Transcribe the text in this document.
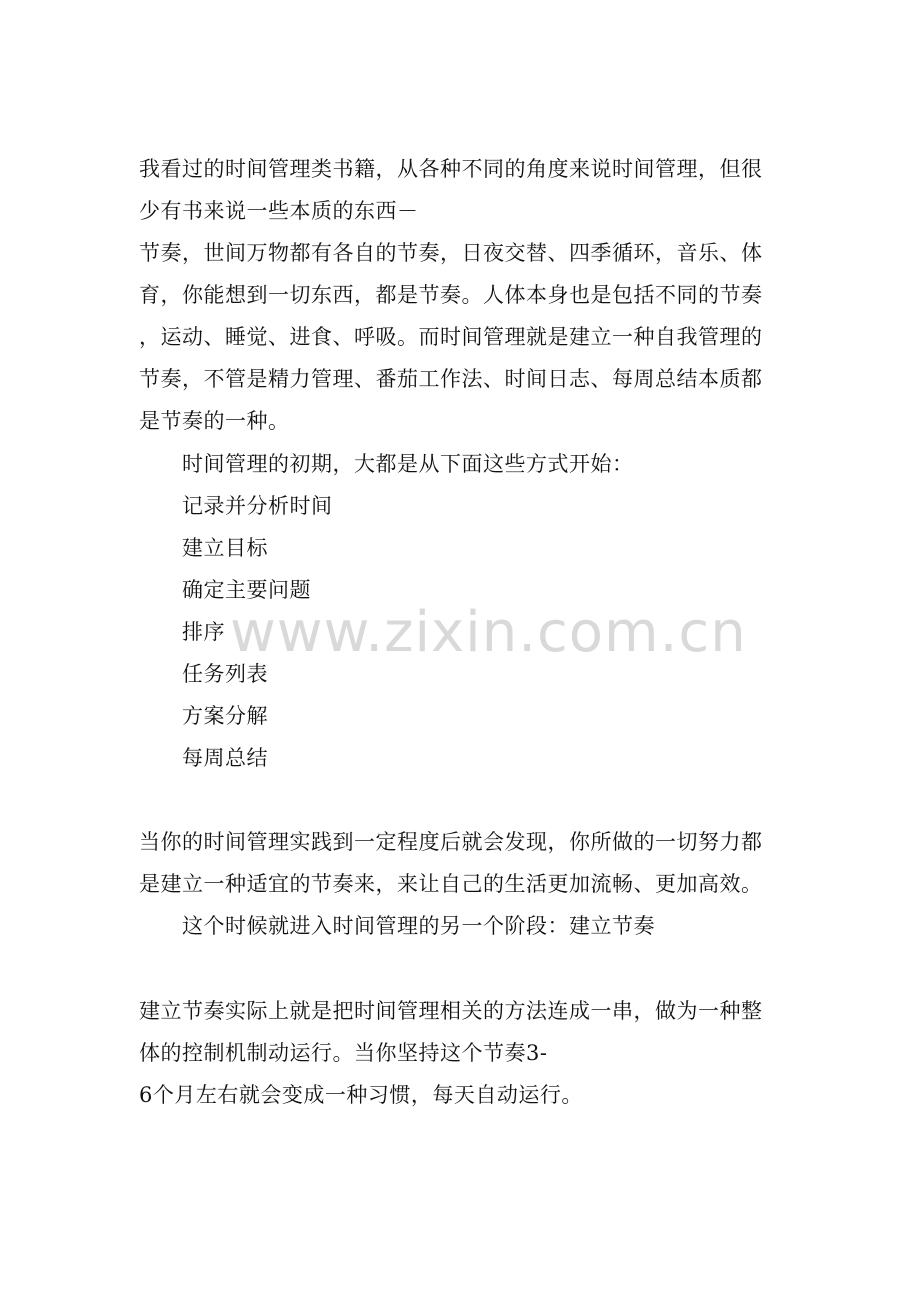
www.zixin.com.cn
我看过的时间管理类书籍，从各种不同的角度来说时间管理，但很
少有书来说一些本质的东西－
节奏，世间万物都有各自的节奏，日夜交替、四季循环，音乐、体
育，你能想到一切东西，都是节奏。人体本身也是包括不同的节奏
，运动、睡觉、进食、呼吸。而时间管理就是建立一种自我管理的
节奏，不管是精力管理、番茄工作法、时间日志、每周总结本质都
是节奏的一种。
时间管理的初期，大都是从下面这些方式开始：
记录并分析时间
建立目标
确定主要问题
排序
任务列表
方案分解
每周总结
当你的时间管理实践到一定程度后就会发现，你所做的一切努力都
是建立一种适宜的节奏来，来让自己的生活更加流畅、更加高效。
这个时候就进入时间管理的另一个阶段：建立节奏
建立节奏实际上就是把时间管理相关的方法连成一串，做为一种整
体的控制机制动运行。当你坚持这个节奏3-
6个月左右就会变成一种习惯，每天自动运行。
